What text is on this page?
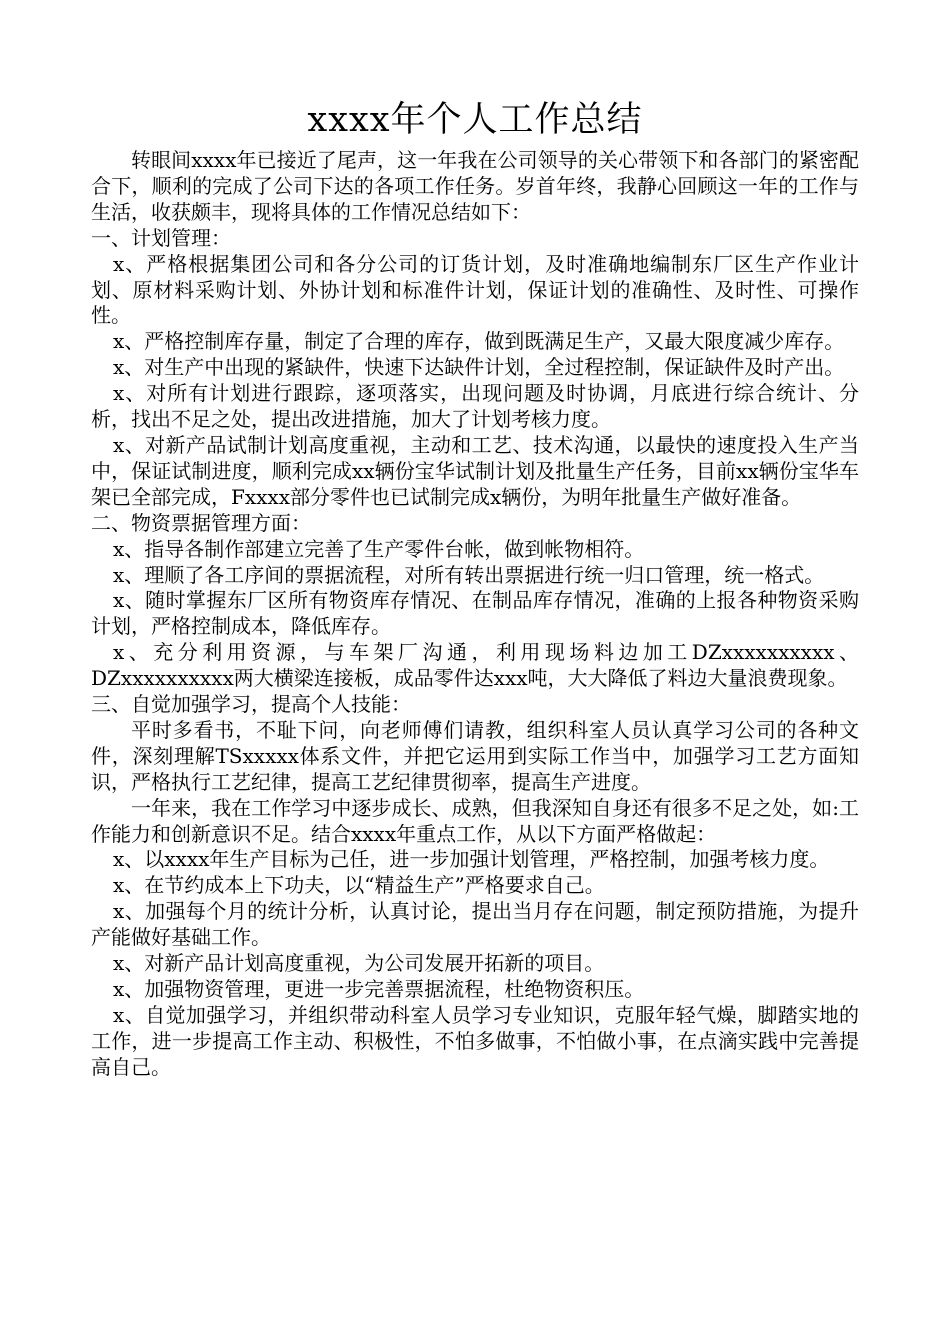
xxxx年个人工作总结

转眼间xxxx年已接近了尾声，这一年我在公司领导的关心带领下和各部门的紧密配合下，顺利的完成了公司下达的各项工作任务。岁首年终，我静心回顾这一年的工作与生活，收获颇丰，现将具体的工作情况总结如下：

一、计划管理：

x、严格根据集团公司和各分公司的订货计划，及时准确地编制东厂区生产作业计划、原材料采购计划、外协计划和标准件计划，保证计划的准确性、及时性、可操作性。

x、严格控制库存量，制定了合理的库存，做到既满足生产，又最大限度减少库存。

x、对生产中出现的紧缺件，快速下达缺件计划，全过程控制，保证缺件及时产出。

x、对所有计划进行跟踪，逐项落实，出现问题及时协调，月底进行综合统计、分析，找出不足之处，提出改进措施，加大了计划考核力度。

x、对新产品试制计划高度重视，主动和工艺、技术沟通，以最快的速度投入生产当中，保证试制进度，顺利完成xx辆份宝华试制计划及批量生产任务，目前xx辆份宝华车架已全部完成，Fxxxx部分零件也已试制完成x辆份，为明年批量生产做好准备。

二、物资票据管理方面：

x、指导各制作部建立完善了生产零件台帐，做到帐物相符。

x、理顺了各工序间的票据流程，对所有转出票据进行统一归口管理，统一格式。

x、随时掌握东厂区所有物资库存情况、在制品库存情况，准确的上报各种物资采购计划，严格控制成本，降低库存。

x、充分利用资源，与车架厂沟通，利用现场料边加工DZxxxxxxxxxx、DZxxxxxxxxxx两大横梁连接板，成品零件达xxx吨，大大降低了料边大量浪费现象。

三、自觉加强学习，提高个人技能：

平时多看书，不耻下问，向老师傅们请教，组织科室人员认真学习公司的各种文件，深刻理解TSxxxxx体系文件，并把它运用到实际工作当中，加强学习工艺方面知识，严格执行工艺纪律，提高工艺纪律贯彻率，提高生产进度。

一年来，我在工作学习中逐步成长、成熟，但我深知自身还有很多不足之处，如:工作能力和创新意识不足。结合xxxx年重点工作，从以下方面严格做起：

x、以xxxx年生产目标为己任，进一步加强计划管理，严格控制，加强考核力度。

x、在节约成本上下功夫，以“精益生产”严格要求自己。

x、加强每个月的统计分析，认真讨论，提出当月存在问题，制定预防措施，为提升产能做好基础工作。

x、对新产品计划高度重视，为公司发展开拓新的项目。

x、加强物资管理，更进一步完善票据流程，杜绝物资积压。

x、自觉加强学习，并组织带动科室人员学习专业知识，克服年轻气燥，脚踏实地的工作，进一步提高工作主动、积极性，不怕多做事，不怕做小事，在点滴实践中完善提高自己。
